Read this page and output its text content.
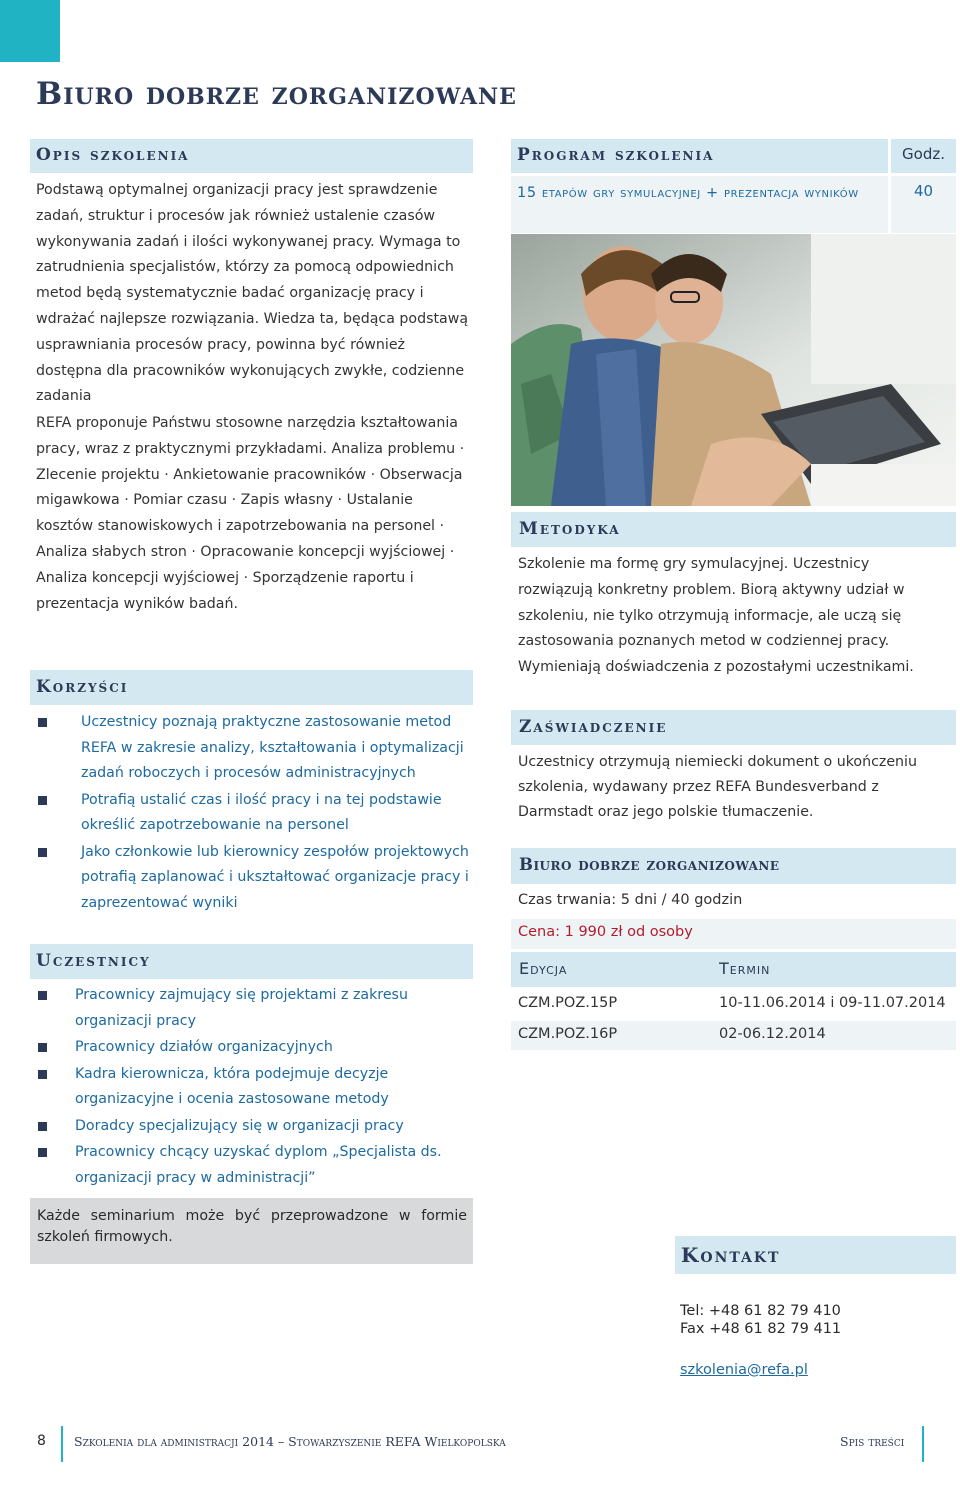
Biuro dobrze zorganizowane
Opis szkolenia
Podstawą optymalnej organizacji pracy jest sprawdzenie zadań, struktur i procesów jak również ustalenie czasów wykonywania zadań i ilości wykonywanej pracy. Wymaga to zatrudnienia specjalistów, którzy za pomocą odpowiednich metod będą systematycznie badać organizację pracy i wdrażać najlepsze rozwiązania. Wiedza ta, będąca podstawą usprawniania procesów pracy, powinna być również dostępna dla pracowników wykonujących zwykłe, codzienne zadania
REFA proponuje Państwu stosowne narzędzia kształtowania pracy, wraz z praktycznymi przykładami. Analiza problemu · Zlecenie projektu · Ankietowanie pracowników · Obserwacja migawkowa · Pomiar czasu · Zapis własny · Ustalanie kosztów stanowiskowych i zapotrzebowania na personel · Analiza słabych stron · Opracowanie koncepcji wyjściowej · Analiza koncepcji wyjściowej · Sporządzenie raportu i prezentacja wyników badań.
Korzyści
Uczestnicy poznają praktyczne zastosowanie metod REFA w zakresie analizy, kształtowania i optymalizacji zadań roboczych i procesów administracyjnych
Potrafią ustalić czas i ilość pracy i na tej podstawie określić zapotrzebowanie na personel
Jako członkowie lub kierownicy zespołów projektowych potrafią zaplanować i ukształtować organizacje pracy i zaprezentować wyniki
Uczestnicy
Pracownicy zajmujący się projektami z zakresu organizacji pracy
Pracownicy działów organizacyjnych
Kadra kierownicza, która podejmuje decyzje organizacyjne i ocenia zastosowane metody
Doradcy specjalizujący się w organizacji pracy
Pracownicy chcący uzyskać dyplom „Specjalista ds. organizacji pracy w administracji”
Każde seminarium może być przeprowadzone w formie szkoleń firmowych.
Program szkolenia	Godz.
15 etapów gry symulacyjnej + prezentacja wyników	40
Metodyka
Szkolenie ma formę gry symulacyjnej. Uczestnicy rozwiązują konkretny problem. Biorą aktywny udział w szkoleniu, nie tylko otrzymują informacje, ale uczą się zastosowania poznanych metod w codziennej pracy. Wymieniają doświadczenia z pozostałymi uczestnikami.
Zaświadczenie
Uczestnicy otrzymują niemiecki dokument o ukończeniu szkolenia, wydawany przez REFA Bundesverband z Darmstadt oraz jego polskie tłumaczenie.
Biuro dobrze zorganizowane
Czas trwania: 5 dni / 40 godzin
Cena: 1 990 zł od osoby
Edycja	Termin
CZM.POZ.15P	10-11.06.2014 i 09-11.07.2014
CZM.POZ.16P	02-06.12.2014
Kontakt
Tel: +48 61 82 79 410
Fax +48 61 82 79 411
szkolenia@refa.pl
8 Szkolenia dla administracji 2014 – Stowarzyszenie REFA Wielkopolska	Spis treści
